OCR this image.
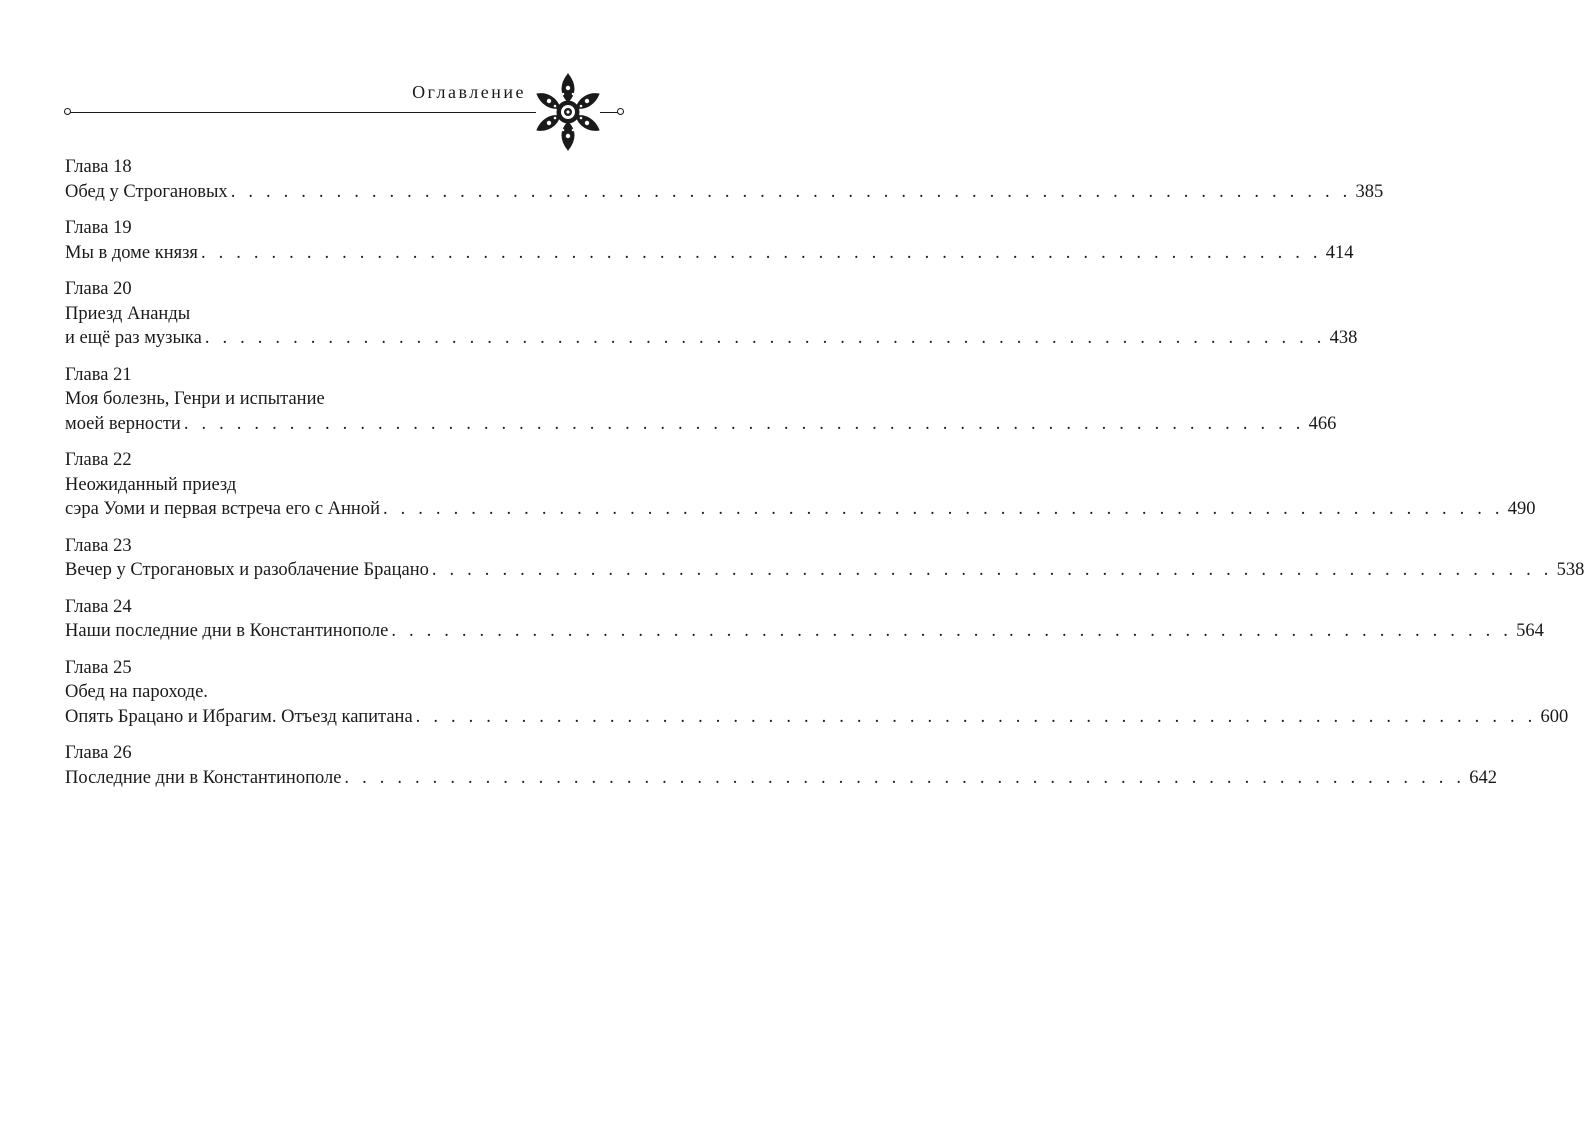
Оглавление
Глава 18
Обед у Строгановых . . . . . . . . . . . . . . . . . . . . . . . . . . . . . . . . . . . . . . . . . . . . . . . . . . . . . . . . . . . . . . . . 385
Глава 19
Мы в доме князя . . . . . . . . . . . . . . . . . . . . . . . . . . . . . . . . . . . . . . . . . . . . . . . . . . . . . . . . . . . . . . . . 414
Глава 20
Приезд Ананды
и ещё раз музыка . . . . . . . . . . . . . . . . . . . . . . . . . . . . . . . . . . . . . . . . . . . . . . . . . . . . . . . . . . . . . . . . 438
Глава 21
Моя болезнь, Генри и испытание
моей верности . . . . . . . . . . . . . . . . . . . . . . . . . . . . . . . . . . . . . . . . . . . . . . . . . . . . . . . . . . . . . . . . 466
Глава 22
Неожиданный приезд
сэра Уоми и первая встреча его с Анной . . . . . . . . . . . . . . . . . . . . . . . . . . . . . . . . . . . . . . . . . . . . . . . . . . . . . . . . . . . . . . . . 490
Глава 23
Вечер у Строгановых и разоблачение Брацано . . . . . . . . . . . . . . . . . . . . . . . . . . . . . . . . . . . . . . . . . . . . . . . . . . . . . . . . . . . . . . . . 538
Глава 24
Наши последние дни в Константинополе . . . . . . . . . . . . . . . . . . . . . . . . . . . . . . . . . . . . . . . . . . . . . . . . . . . . . . . . . . . . . . . . 564
Глава 25
Обед на пароходе.
Опять Брацано и Ибрагим. Отъезд капитана . . . . . . . . . . . . . . . . . . . . . . . . . . . . . . . . . . . . . . . . . . . . . . . . . . . . . . . . . . . . . . . . 600
Глава 26
Последние дни в Константинополе . . . . . . . . . . . . . . . . . . . . . . . . . . . . . . . . . . . . . . . . . . . . . . . . . . . . . . . . . . . . . . . . 642
